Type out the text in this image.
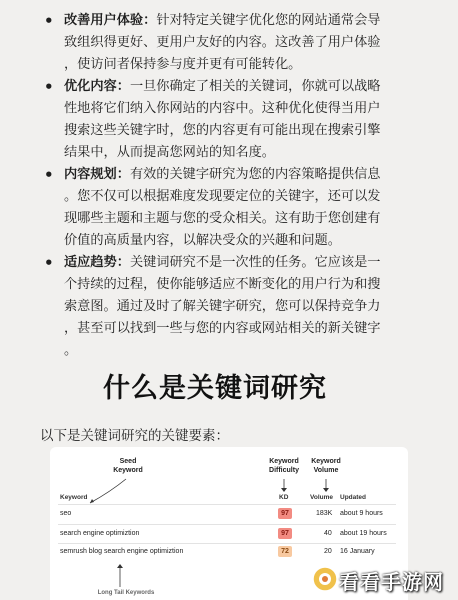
• 改善用户体验：针对特定关键字优化您的网站通常会导
致组织得更好、更用户友好的内容。这改善了用户体验
，使访问者保持参与度并更有可能转化。
• 优化内容：一旦你确定了相关的关键词，你就可以战略
性地将它们纳入你网站的内容中。这种优化使得当用户
搜索这些关键字时，您的内容更有可能出现在搜索引擎
结果中，从而提高您网站的知名度。
• 内容规划：有效的关键字研究为您的内容策略提供信息
。您不仅可以根据难度发现要定位的关键字，还可以发
现哪些主题和主题与您的受众相关。这有助于您创建有
价值的高质量内容，以解决受众的兴趣和问题。
• 适应趋势：关键词研究不是一次性的任务。它应该是一
个持续的过程，使你能够适应不断变化的用户行为和搜
索意图。通过及时了解关键字研究，您可以保持竞争力
，甚至可以找到一些与您的内容或网站相关的新关键字
。
什么是关键词研究
以下是关键词研究的关键要素：
Seed
Keyword
Keyword
Difficulty
Keyword
Volume
Keyword	KD	Volume Updated
seo	97	183K about 9 hours
search engine optimiztion	97	40 about 19 hours
semrush blog search engine optimiztion	72	20 16 January
Long Tail Keywords	看看手游网
